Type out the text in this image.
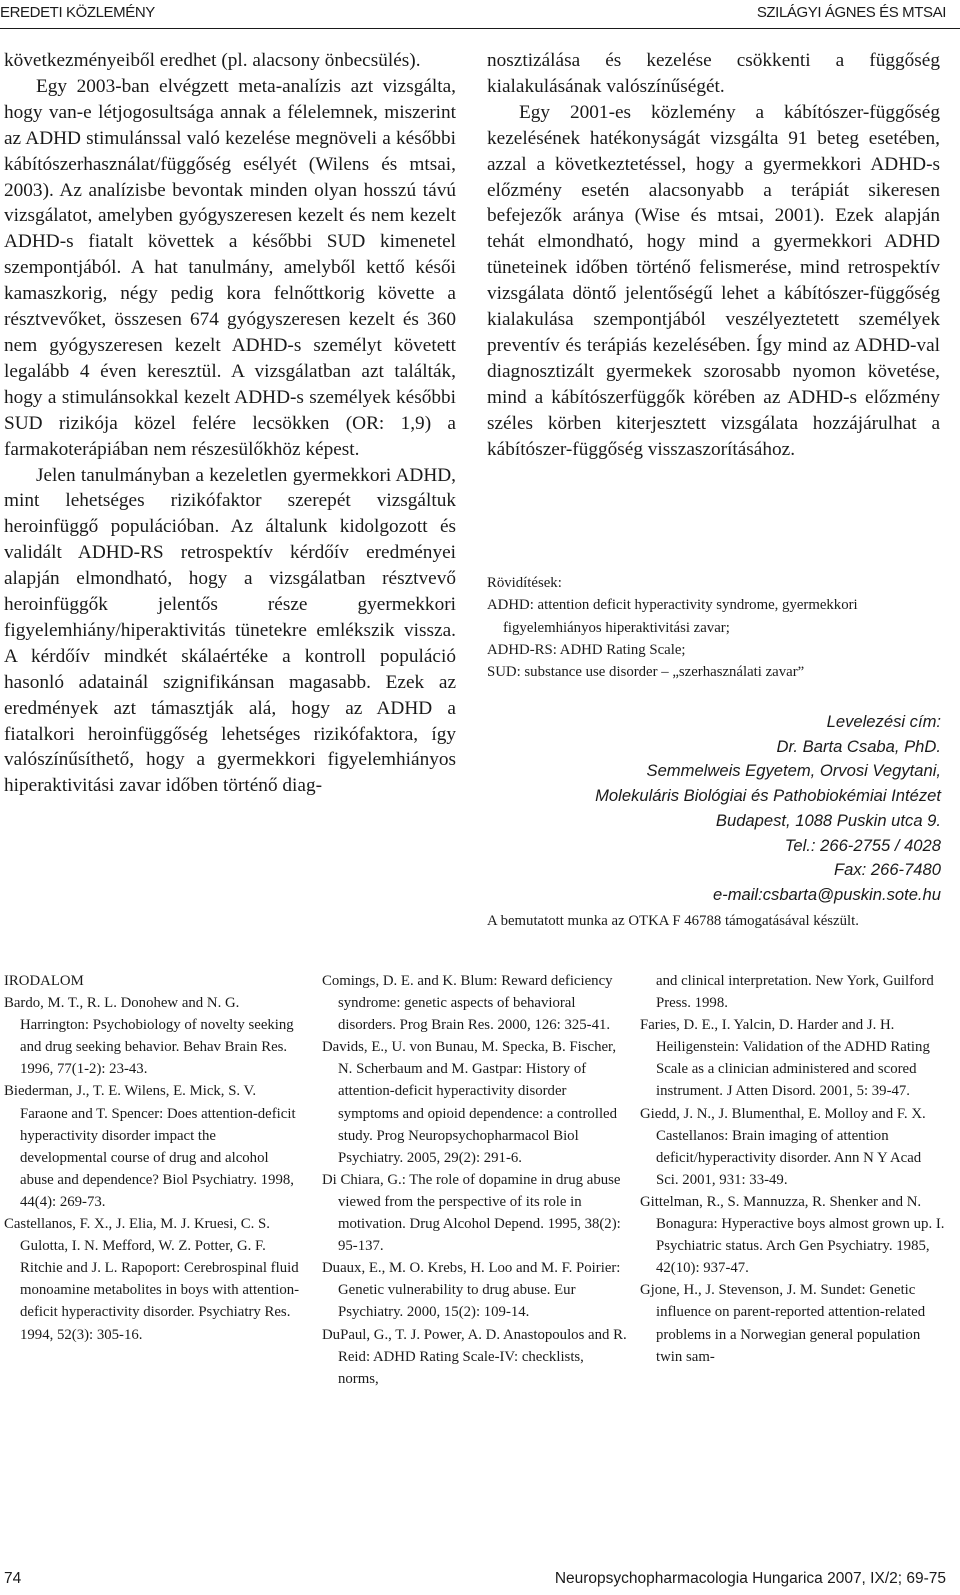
EREDETI KÖZLEMÉNY	SZILÁGYI ÁGNES ÉS MTSAI

következményeiből eredhet (pl. alacsony önbecsülés).

Egy 2003-ban elvégzett meta-analízis azt vizsgálta, hogy van-e létjogosultsága annak a félelemnek, miszerint az ADHD stimulánssal való kezelése megnöveli a későbbi kábítószerhasználat/függőség esélyét (Wilens és mtsai, 2003). Az analízisbe bevontak minden olyan hosszú távú vizsgálatot, amelyben gyógyszeresen kezelt és nem kezelt ADHD-s fiatalt követtek a későbbi SUD kimenetel szempontjából. A hat tanulmány, amelyből kettő késői kamaszkorig, négy pedig kora felnőttkorig követte a résztvevőket, összesen 674 gyógyszeresen kezelt és 360 nem gyógyszeresen kezelt ADHD-s személyt követett legalább 4 éven keresztül. A vizsgálatban azt találták, hogy a stimulánsokkal kezelt ADHD-s személyek későbbi SUD rizikója közel felére lecsökken (OR: 1,9) a farmakoterápiában nem részesülőkhöz képest.

Jelen tanulmányban a kezeletlen gyermekkori ADHD, mint lehetséges rizikófaktor szerepét vizsgáltuk heroinfüggő populációban. Az általunk kidolgozott és validált ADHD-RS retrospektív kérdőív eredményei alapján elmondható, hogy a vizsgálatban résztvevő heroinfüggők jelentős része gyermekkori figyelemhiány/hiperaktivitás tünetekre emlékszik vissza. A kérdőív mindkét skálaértéke a kontroll populáció hasonló adatainál szignifikánsan magasabb. Ezek az eredmények azt támasztják alá, hogy az ADHD a fiatalkori heroinfüggőség lehetséges rizikófaktora, így valószínűsíthető, hogy a gyermekkori figyelemhiányos hiperaktivitási zavar időben történő diag-

nosztizálása és kezelése csökkenti a függőség kialakulásának valószínűségét.

Egy 2001-es közlemény a kábítószer-függőség kezelésének hatékonyságát vizsgálta 91 beteg esetében, azzal a következtetéssel, hogy a gyermekkori ADHD-s előzmény esetén alacsonyabb a terápiát sikeresen befejezők aránya (Wise és mtsai, 2001). Ezek alapján tehát elmondható, hogy mind a gyermekkori ADHD tüneteinek időben történő felismerése, mind retrospektív vizsgálata döntő jelentőségű lehet a kábítószer-függőség kialakulása szempontjából veszélyeztetett személyek preventív és terápiás kezelésében. Így mind az ADHD-val diagnosztizált gyermekek szorosabb nyomon követése, mind a kábítószerfüggők körében az ADHD-s előzmény széles körben kiterjesztett vizsgálata hozzájárulhat a kábítószer-függőség visszaszorításához.

Rövidítések:
ADHD: attention deficit hyperactivity syndrome, gyermekkori figyelemhiányos hiperaktivitási zavar;
ADHD-RS: ADHD Rating Scale;
SUD: substance use disorder – „szerhasználati zavar”
Levelezési cím:
Dr. Barta Csaba, PhD.
Semmelweis Egyetem, Orvosi Vegytani,
Molekuláris Biológiai és Pathobiokémiai Intézet
Budapest, 1088 Puskin utca 9.
Tel.: 266-2755 / 4028
Fax: 266-7480
e-mail:csbarta@puskin.sote.hu
A bemutatott munka az OTKA F 46788 támogatásával készült.

IRODALOM

Bardo, M. T., R. L. Donohew and N. G. Harrington: Psychobiology of novelty seeking and drug seeking behavior. Behav Brain Res. 1996, 77(1-2): 23-43.

Biederman, J., T. E. Wilens, E. Mick, S. V. Faraone and T. Spencer: Does attention-deficit hyperactivity disorder impact the developmental course of drug and alcohol abuse and dependence? Biol Psychiatry. 1998, 44(4): 269-73.

Castellanos, F. X., J. Elia, M. J. Kruesi, C. S. Gulotta, I. N. Mefford, W. Z. Potter, G. F. Ritchie and J. L. Rapoport: Cerebrospinal fluid monoamine metabolites in boys with attention-deficit hyperactivity disorder. Psychiatry Res. 1994, 52(3): 305-16.

Comings, D. E. and K. Blum: Reward deficiency syndrome: genetic aspects of behavioral disorders. Prog Brain Res. 2000, 126: 325-41.

Davids, E., U. von Bunau, M. Specka, B. Fischer, N. Scherbaum and M. Gastpar: History of attention-deficit hyperactivity disorder symptoms and opioid dependence: a controlled study. Prog Neuropsychopharmacol Biol Psychiatry. 2005, 29(2): 291-6.

Di Chiara, G.: The role of dopamine in drug abuse viewed from the perspective of its role in motivation. Drug Alcohol Depend. 1995, 38(2): 95-137.

Duaux, E., M. O. Krebs, H. Loo and M. F. Poirier: Genetic vulnerability to drug abuse. Eur Psychiatry. 2000, 15(2): 109-14.

DuPaul, G., T. J. Power, A. D. Anastopoulos and R. Reid: ADHD Rating Scale-IV: checklists, norms,

and clinical interpretation. New York, Guilford Press. 1998.

Faries, D. E., I. Yalcin, D. Harder and J. H. Heiligenstein: Validation of the ADHD Rating Scale as a clinician administered and scored instrument. J Atten Disord. 2001, 5: 39-47.

Giedd, J. N., J. Blumenthal, E. Molloy and F. X. Castellanos: Brain imaging of attention deficit/hyperactivity disorder. Ann N Y Acad Sci. 2001, 931: 33-49.

Gittelman, R., S. Mannuzza, R. Shenker and N. Bonagura: Hyperactive boys almost grown up. I. Psychiatric status. Arch Gen Psychiatry. 1985, 42(10): 937-47.

Gjone, H., J. Stevenson, J. M. Sundet: Genetic influence on parent-reported attention-related problems in a Norwegian general population twin sam-

74	Neuropsychopharmacologia Hungarica 2007, IX/2; 69-75
